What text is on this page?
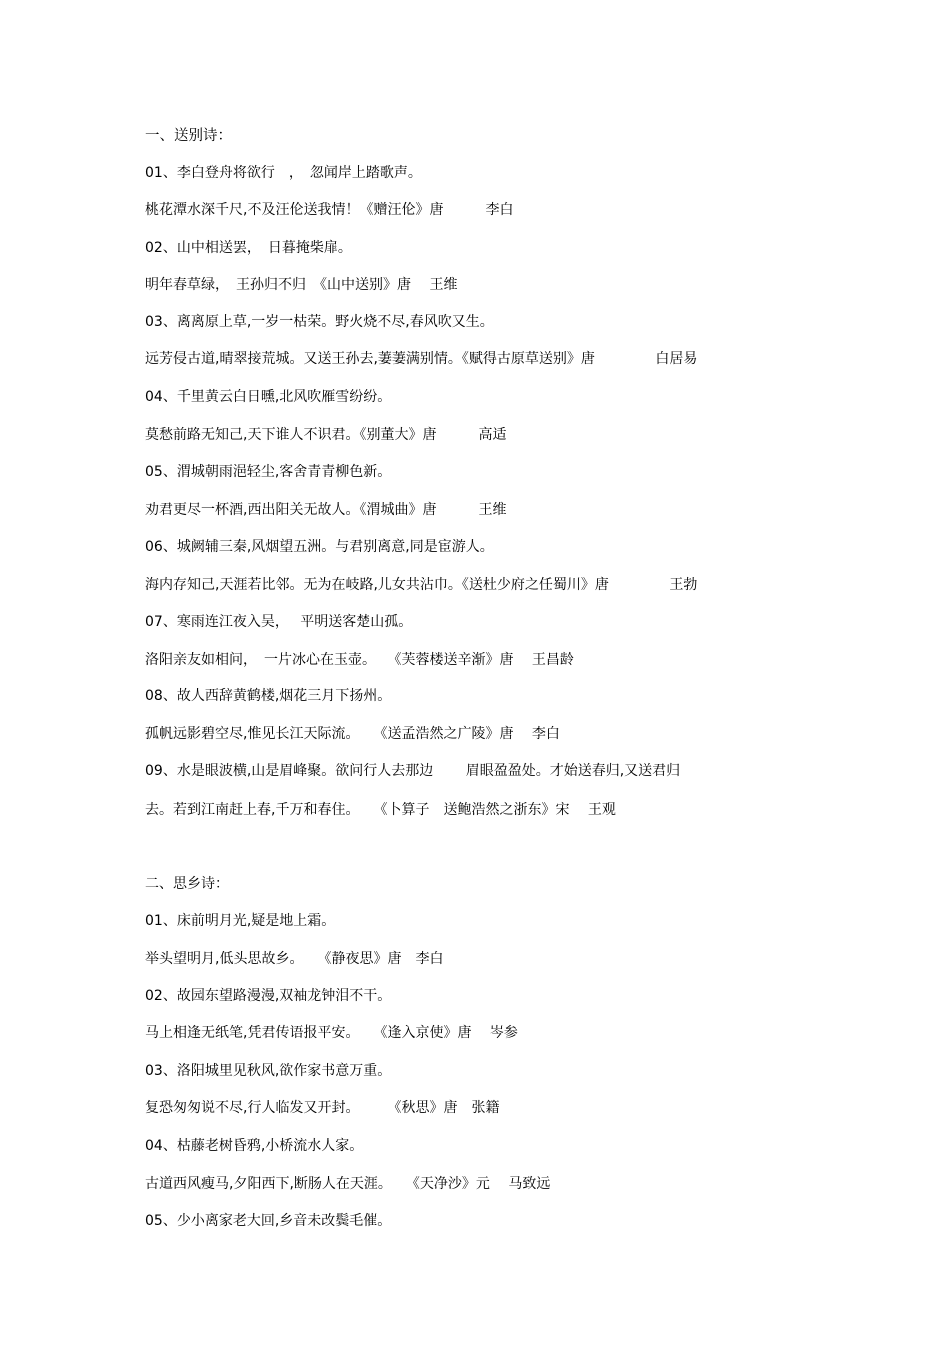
一、送别诗：
01、李白登舟将欲行　，　忽闻岸上踏歌声。
桃花潭水深千尺,不及汪伦送我情！《赠汪伦》唐　　　李白
02、山中相送罢，　日暮掩柴扉。
明年春草绿，　王孙归不归　《山中送别》唐　 王维
03、离离原上草,一岁一枯荣。野火烧不尽,春风吹又生。
远芳侵古道,晴翠接荒城。又送王孙去,萋萋满别情。《赋得古原草送别》唐　　　　 白居易
04、千里黄云白日曛,北风吹雁雪纷纷。
莫愁前路无知己,天下谁人不识君。《别董大》唐　　　高适
05、渭城朝雨浥轻尘,客舍青青柳色新。
劝君更尽一杯酒,西出阳关无故人。《渭城曲》唐　　　王维
06、城阙辅三秦,风烟望五洲。与君别离意,同是宦游人。
海内存知己,天涯若比邻。无为在岐路,儿女共沾巾。《送杜少府之任蜀川》唐　　　　 王勃
07、寒雨连江夜入吴，　 平明送客楚山孤。
洛阳亲友如相问，　一片冰心在玉壶。　 《芙蓉楼送辛渐》唐　 王昌龄
08、故人西辞黄鹤楼,烟花三月下扬州。
孤帆远影碧空尽,惟见长江天际流。　　《送孟浩然之广陵》唐　 李白
09、水是眼波横,山是眉峰聚。欲问行人去那边　　 眉眼盈盈处。才始送春归,又送君归
去。若到江南赶上春,千万和春住。　　《卜算子　送鲍浩然之浙东》宋　 王观
二、思乡诗：
01、床前明月光,疑是地上霜。
举头望明月,低头思故乡。　　《静夜思》唐　李白
02、故园东望路漫漫,双袖龙钟泪不干。
马上相逢无纸笔,凭君传语报平安。　　《逢入京使》唐　 岑参
03、洛阳城里见秋风,欲作家书意万重。
复恐匆匆说不尽,行人临发又开封。　　　《秋思》唐　张籍
04、枯藤老树昏鸦,小桥流水人家。
古道西风瘦马,夕阳西下,断肠人在天涯。　　《天净沙》元　 马致远
05、少小离家老大回,乡音未改鬓毛催。
